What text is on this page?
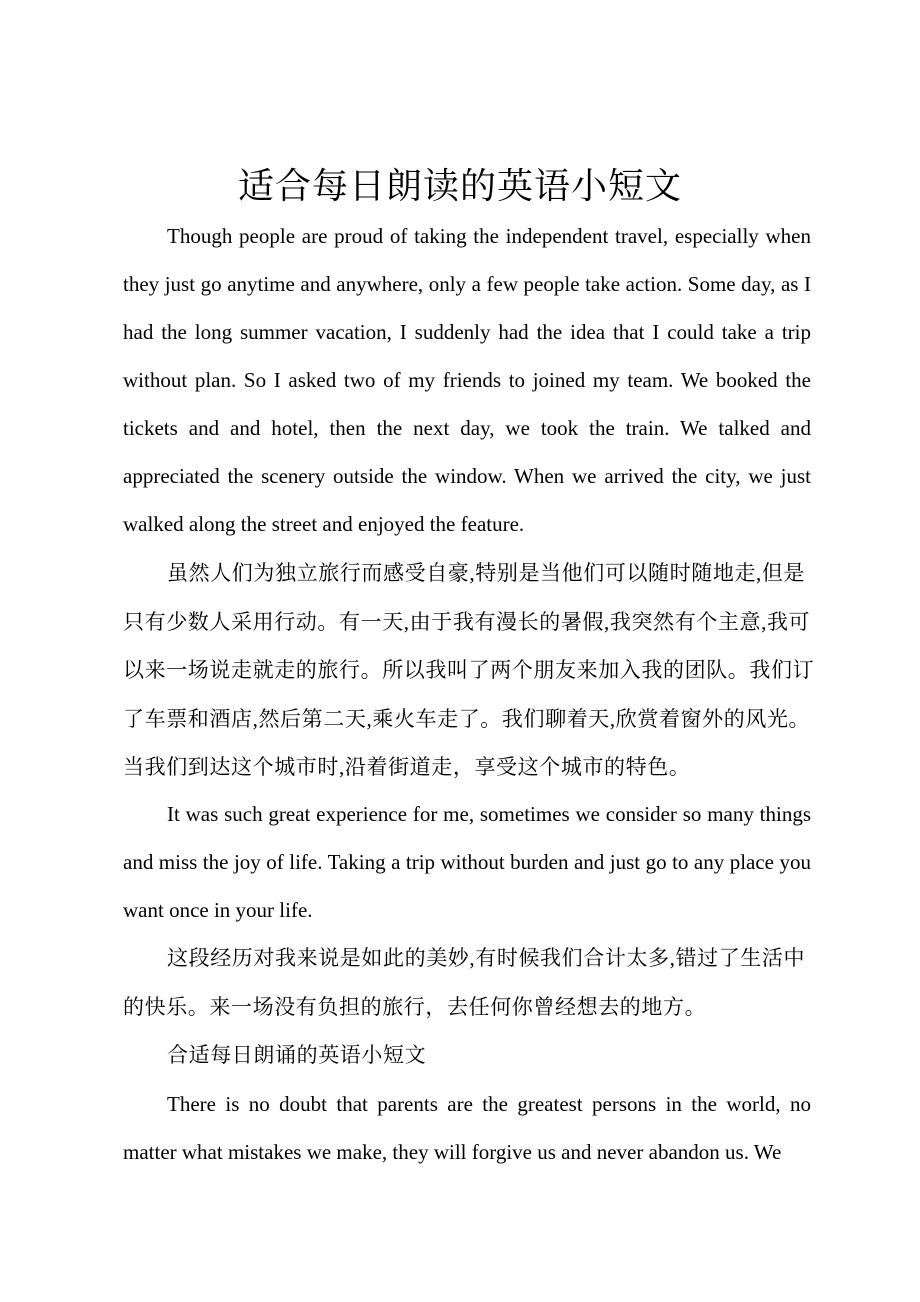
适合每日朗读的英语小短文

Though people are proud of taking the independent travel, especially when they just go anytime and anywhere, only a few people take action. Some day, as I had the long summer vacation, I suddenly had the idea that I could take a trip without plan. So I asked two of my friends to joined my team. We booked the tickets and and hotel, then the next day, we took the train. We talked and appreciated the scenery outside the window. When we arrived the city, we just walked along the street and enjoyed the feature.

虽然人们为独立旅行而感受自豪,特别是当他们可以随时随地走,但是只有少数人采用行动。有一天,由于我有漫长的暑假,我突然有个主意,我可以来一场说走就走的旅行。所以我叫了两个朋友来加入我的团队。我们订了车票和酒店,然后第二天,乘火车走了。我们聊着天,欣赏着窗外的风光。当我们到达这个城市时,沿着街道走，享受这个城市的特色。

It was such great experience for me, sometimes we consider so many things and miss the joy of life. Taking a trip without burden and just go to any place you want once in your life.

这段经历对我来说是如此的美妙,有时候我们合计太多,错过了生活中的快乐。来一场没有负担的旅行，去任何你曾经想去的地方。

合适每日朗诵的英语小短文

There is no doubt that parents are the greatest persons in the world, no matter what mistakes we make, they will forgive us and never abandon us. We
